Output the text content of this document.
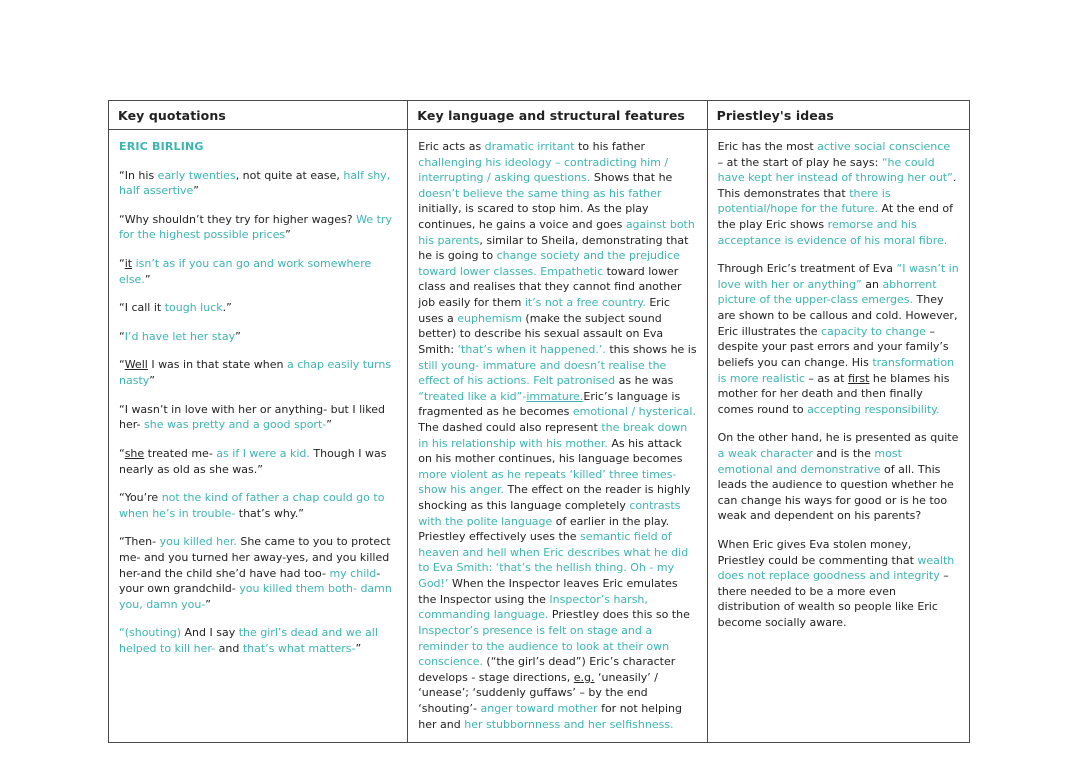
Key quotations	Key language and structural features	Priestley's ideas
ERIC BIRLING
“In his early twenties, not quite at ease, half shy, half assertive”
“Why shouldn’t they try for higher wages? We try for the highest possible prices”
“it isn’t as if you can go and work somewhere else.”
“I call it tough luck.”
“I’d have let her stay”
“Well I was in that state when a chap easily turns nasty”
“I wasn’t in love with her or anything- but I liked her- she was pretty and a good sport-”
“she treated me- as if I were a kid. Though I was nearly as old as she was.”
“You’re not the kind of father a chap could go to when he’s in trouble- that’s why.”
“Then- you killed her. She came to you to protect me- and you turned her away-yes, and you killed her-and the child she’d have had too- my child- your own grandchild- you killed them both- damn you, damn you-”
“(shouting) And I say the girl’s dead and we all helped to kill her- and that’s what matters-”
Eric acts as dramatic irritant to his father challenging his ideology – contradicting him / interrupting / asking questions. Shows that he doesn’t believe the same thing as his father initially, is scared to stop him. As the play continues, he gains a voice and goes against both his parents, similar to Sheila, demonstrating that he is going to change society and the prejudice toward lower classes. Empathetic toward lower class and realises that they cannot find another job easily for them it’s not a free country. Eric uses a euphemism (make the subject sound better) to describe his sexual assault on Eva Smith: ‘that’s when it happened.’. this shows he is still young- immature and doesn’t realise the effect of his actions. Felt patronised as he was “treated like a kid”-immature.Eric’s language is fragmented as he becomes emotional / hysterical. The dashed could also represent the break down in his relationship with his mother. As his attack on his mother continues, his language becomes more violent as he repeats ‘killed’ three times-show his anger. The effect on the reader is highly shocking as this language completely contrasts with the polite language of earlier in the play. Priestley effectively uses the semantic field of heaven and hell when Eric describes what he did to Eva Smith: ‘that’s the hellish thing. Oh - my God!’ When the Inspector leaves Eric emulates the Inspector using the Inspector’s harsh, commanding language. Priestley does this so the Inspector’s presence is felt on stage and a reminder to the audience to look at their own conscience. (“the girl’s dead”) Eric’s character develops - stage directions, e.g. ‘uneasily’ / ‘unease’; ‘suddenly guffaws’ – by the end ‘shouting’- anger toward mother for not helping her and her stubbornness and her selfishness.
Eric has the most active social conscience – at the start of play he says: “he could have kept her instead of throwing her out”. This demonstrates that there is potential/hope for the future. At the end of the play Eric shows remorse and his acceptance is evidence of his moral fibre.
Through Eric’s treatment of Eva “I wasn’t in love with her or anything” an abhorrent picture of the upper-class emerges. They are shown to be callous and cold. However, Eric illustrates the capacity to change – despite your past errors and your family’s beliefs you can change. His transformation is more realistic – as at first he blames his mother for her death and then finally comes round to accepting responsibility.
On the other hand, he is presented as quite a weak character and is the most emotional and demonstrative of all. This leads the audience to question whether he can change his ways for good or is he too weak and dependent on his parents?
When Eric gives Eva stolen money, Priestley could be commenting that wealth does not replace goodness and integrity – there needed to be a more even distribution of wealth so people like Eric become socially aware.
